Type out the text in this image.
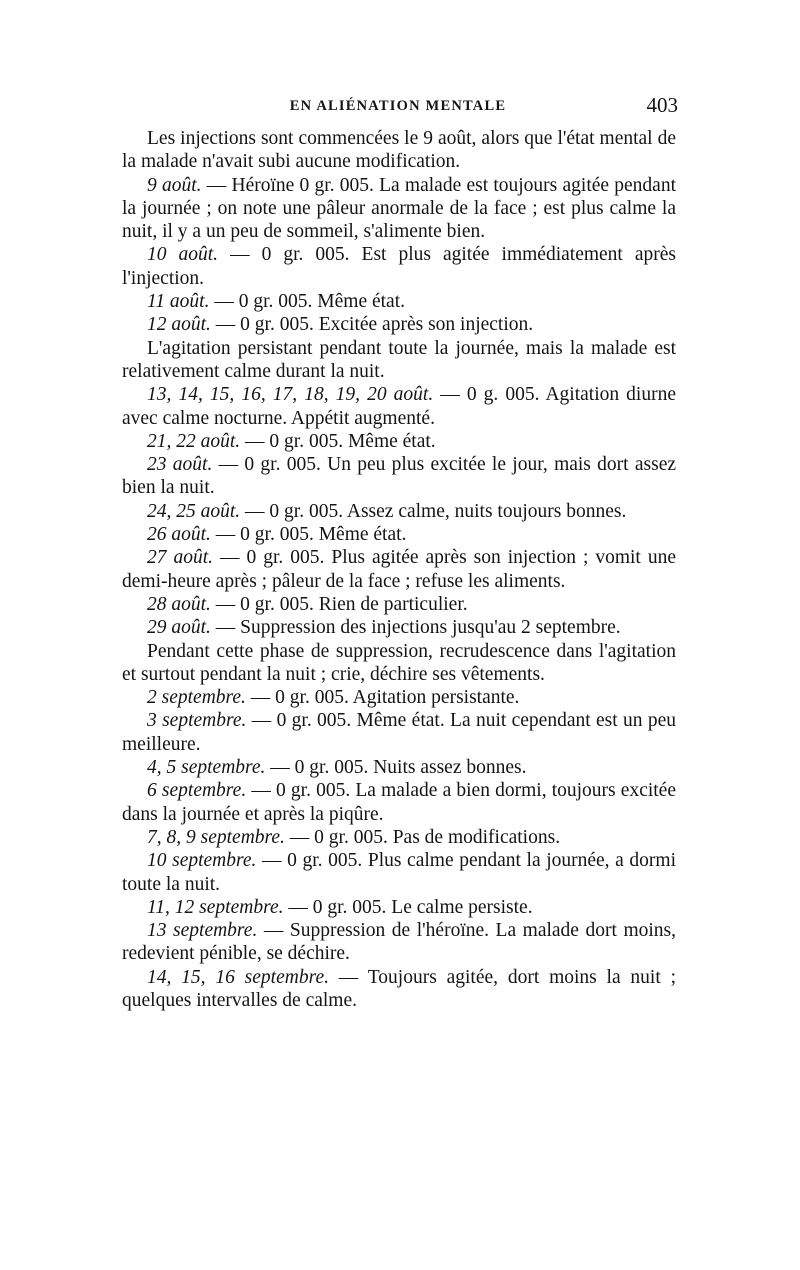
EN ALIÉNATION MENTALE	403

Les injections sont commencées le 9 août, alors que l'état mental de la malade n'avait subi aucune modification.

9 août. — Héroïne 0 gr. 005. La malade est toujours agitée pendant la journée ; on note une pâleur anormale de la face ; est plus calme la nuit, il y a un peu de sommeil, s'alimente bien.

10 août. — 0 gr. 005. Est plus agitée immédiatement après l'injection.

11 août. — 0 gr. 005. Même état.

12 août. — 0 gr. 005. Excitée après son injection.

L'agitation persistant pendant toute la journée, mais la malade est relativement calme durant la nuit.

13, 14, 15, 16, 17, 18, 19, 20 août. — 0 g. 005. Agitation diurne avec calme nocturne. Appétit augmenté.

21, 22 août. — 0 gr. 005. Même état.

23 août. — 0 gr. 005. Un peu plus excitée le jour, mais dort assez bien la nuit.

24, 25 août. — 0 gr. 005. Assez calme, nuits toujours bonnes.

26 août. — 0 gr. 005. Même état.

27 août. — 0 gr. 005. Plus agitée après son injection ; vomit une demi-heure après ; pâleur de la face ; refuse les aliments.

28 août. — 0 gr. 005. Rien de particulier.

29 août. — Suppression des injections jusqu'au 2 septembre.

Pendant cette phase de suppression, recrudescence dans l'agitation et surtout pendant la nuit ; crie, déchire ses vêtements.

2 septembre. — 0 gr. 005. Agitation persistante.

3 septembre. — 0 gr. 005. Même état. La nuit cependant est un peu meilleure.

4, 5 septembre. — 0 gr. 005. Nuits assez bonnes.

6 septembre. — 0 gr. 005. La malade a bien dormi, toujours excitée dans la journée et après la piqûre.

7, 8, 9 septembre. — 0 gr. 005. Pas de modifications.

10 septembre. — 0 gr. 005. Plus calme pendant la journée, a dormi toute la nuit.

11, 12 septembre. — 0 gr. 005. Le calme persiste.

13 septembre. — Suppression de l'héroïne. La malade dort moins, redevient pénible, se déchire.

14, 15, 16 septembre. — Toujours agitée, dort moins la nuit ; quelques intervalles de calme.
